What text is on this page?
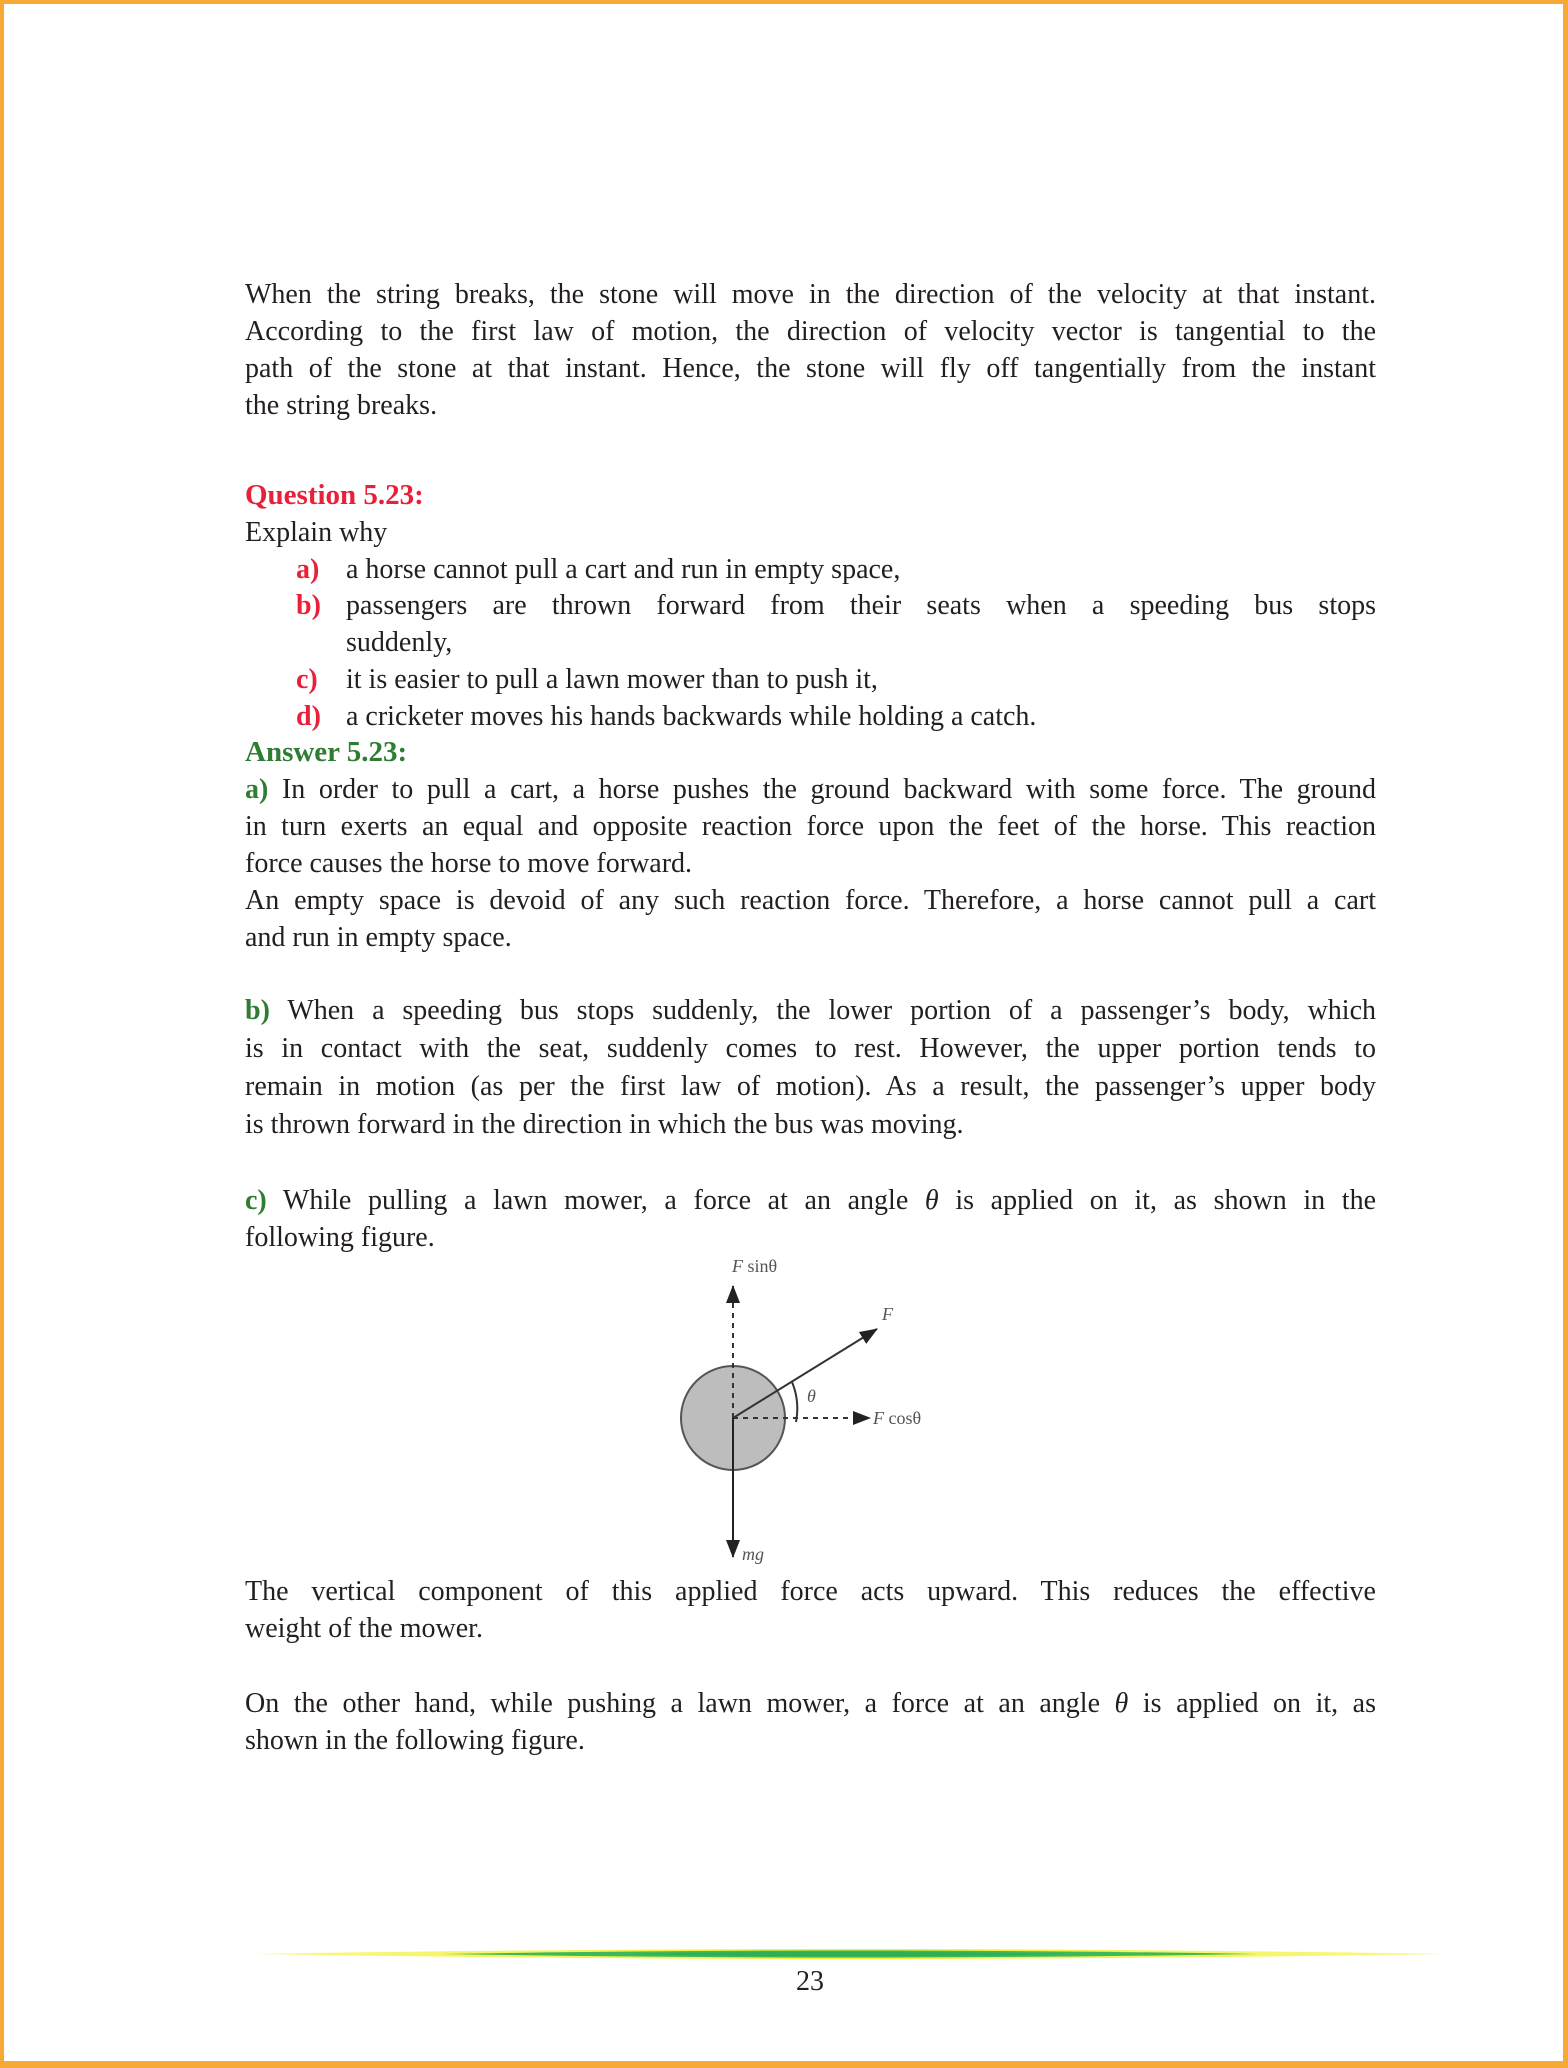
When the string breaks, the stone will move in the direction of the velocity at that instant.
According to the first law of motion, the direction of velocity vector is tangential to the
path of the stone at that instant. Hence, the stone will fly off tangentially from the instant
the string breaks.
Question 5.23:
Explain why
a) a horse cannot pull a cart and run in empty space,
b) passengers are thrown forward from their seats when a speeding bus stops
suddenly,
c) it is easier to pull a lawn mower than to push it,
d) a cricketer moves his hands backwards while holding a catch.
Answer 5.23:
a) In order to pull a cart, a horse pushes the ground backward with some force. The ground
in turn exerts an equal and opposite reaction force upon the feet of the horse. This reaction
force causes the horse to move forward.
An empty space is devoid of any such reaction force. Therefore, a horse cannot pull a cart
and run in empty space.
b) When a speeding bus stops suddenly, the lower portion of a passenger’s body, which
is in contact with the seat, suddenly comes to rest. However, the upper portion tends to
remain in motion (as per the first law of motion). As a result, the passenger’s upper body
is thrown forward in the direction in which the bus was moving.
c) While pulling a lawn mower, a force at an angle θ is applied on it, as shown in the
following figure.
F sinθ
F
θ
F cosθ
mg
The vertical component of this applied force acts upward. This reduces the effective
weight of the mower.
On the other hand, while pushing a lawn mower, a force at an angle θ is applied on it, as
shown in the following figure.
23
